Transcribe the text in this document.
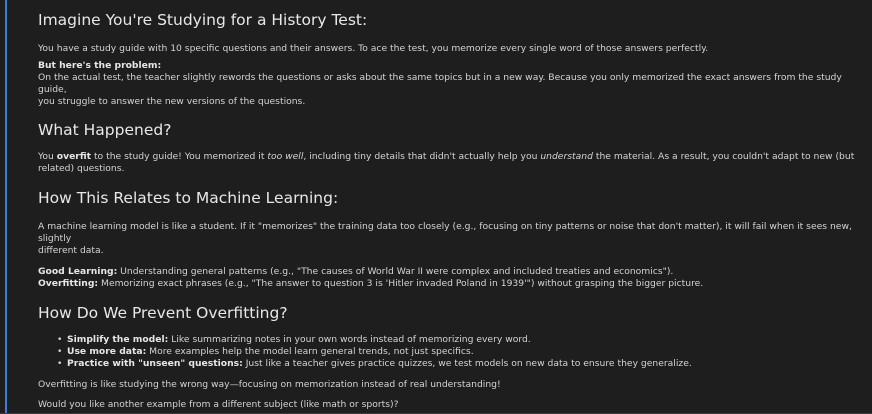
Imagine You're Studying for a History Test:

You have a study guide with 10 specific questions and their answers. To ace the test, you memorize every single word of those answers perfectly.

But here's the problem:

On the actual test, the teacher slightly rewords the questions or asks about the same topics but in a new way. Because you only memorized the exact answers from the study guide,

you struggle to answer the new versions of the questions.

What Happened?

You overfit to the study guide! You memorized it too well, including tiny details that didn't actually help you understand the material. As a result, you couldn't adapt to new (but

related) questions.

How This Relates to Machine Learning:

A machine learning model is like a student. If it "memorizes" the training data too closely (e.g., focusing on tiny patterns or noise that don't matter), it will fail when it sees new, slightly

different data.

Good Learning: Understanding general patterns (e.g., "The causes of World War II were complex and included treaties and economics").

Overfitting: Memorizing exact phrases (e.g., "The answer to question 3 is 'Hitler invaded Poland in 1939'") without grasping the bigger picture.

How Do We Prevent Overfitting?
• Simplify the model: Like summarizing notes in your own words instead of memorizing every word.
• Use more data: More examples help the model learn general trends, not just specifics.
• Practice with "unseen" questions: Just like a teacher gives practice quizzes, we test models on new data to ensure they generalize.

Overfitting is like studying the wrong way—focusing on memorization instead of real understanding!

Would you like another example from a different subject (like math or sports)?
